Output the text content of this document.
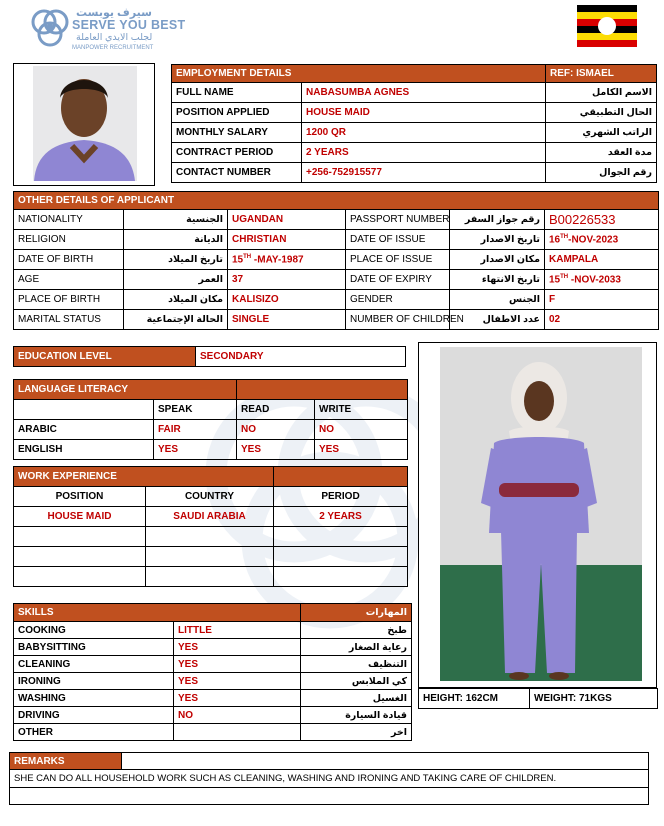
سيرف يوبست
SERVE YOU BEST
لجلب الايدي العاملة
MANPOWER RECRUITMENT
EMPLOYMENT DETAILS		REF: ISMAEL
FULL NAME	NABASUMBA AGNES	الاسم الكامل
POSITION APPLIED	HOUSE MAID	الحال التطبيقي
MONTHLY SALARY	1200 QR	الراتب الشهري
CONTRACT PERIOD	2 YEARS	مدة العقد
CONTACT NUMBER	+256-752915577	رقم الجوال
OTHER DETAILS OF APPLICANT					
NATIONALITY	الجنسية	UGANDAN	PASSPORT NUMBER	رقم جواز السفر	B00226533
RELIGION	الديانة	CHRISTIAN	DATE OF ISSUE	تاريخ الاصدار	16TH-NOV-2023
DATE OF BIRTH	تاريخ الميلاد	15TH -MAY-1987	PLACE OF ISSUE	مكان الاصدار	KAMPALA
AGE	العمر	37	DATE OF EXPIRY	تاريخ الانتهاء	15TH -NOV-2033
PLACE OF BIRTH	مكان الميلاد	KALISIZO	GENDER	الجنس	F
MARITAL STATUS	الحالة الإجتماعية	SINGLE	NUMBER OF CHILDREN	عدد الاطفال	02
EDUCATION LEVEL	SECONDARY
LANGUAGE LITERACY			
	SPEAK	READ	WRITE
ARABIC	FAIR	NO	NO
ENGLISH	YES	YES	YES
WORK EXPERIENCE		
POSITION	COUNTRY	PERIOD
HOUSE MAID	SAUDI ARABIA	2 YEARS

SKILLS		المهارات
COOKING	LITTLE	طبخ
BABYSITTING	YES	رعاية الصغار
CLEANING	YES	التنظيف
IRONING	YES	كي الملابس
WASHING	YES	الغسيل
DRIVING	NO	قيادة السيارة
OTHER		اخر
HEIGHT: 162CM	WEIGHT: 71KGS
REMARKS	
SHE CAN DO ALL HOUSEHOLD WORK SUCH AS CLEANING, WASHING AND IRONING AND TAKING CARE OF CHILDREN.
